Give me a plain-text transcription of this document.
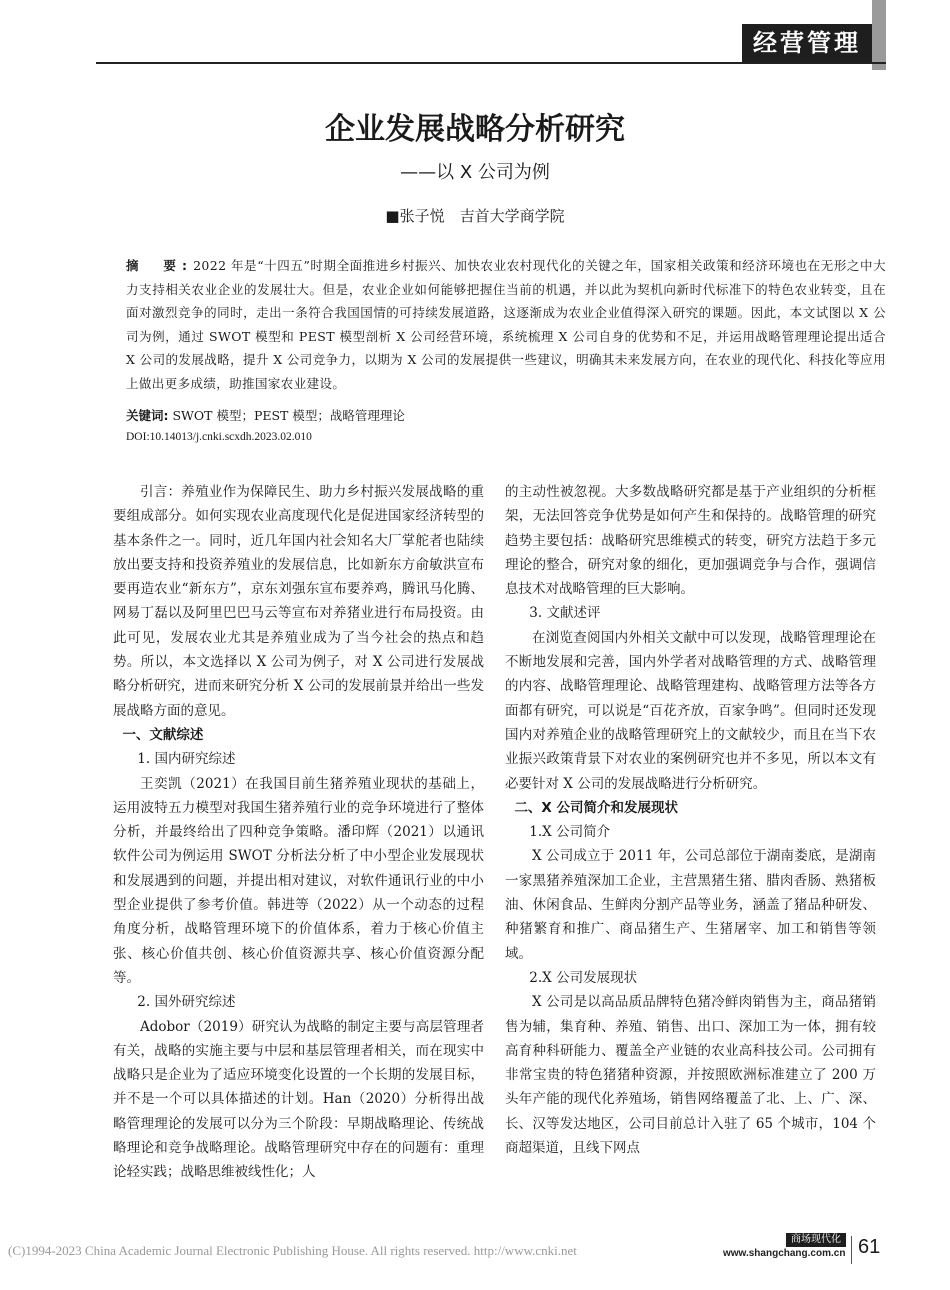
经营管理
企业发展战略分析研究
——以 X 公司为例
■张子悦　吉首大学商学院
摘　要:2022 年是“十四五”时期全面推进乡村振兴、加快农业农村现代化的关键之年，国家相关政策和经济环境也在无形之中大力支持相关农业企业的发展壮大。但是，农业企业如何能够把握住当前的机遇，并以此为契机向新时代标准下的特色农业转变，且在面对激烈竞争的同时，走出一条符合我国国情的可持续发展道路，这逐渐成为农业企业值得深入研究的课题。因此，本文试图以 X 公司为例，通过 SWOT 模型和 PEST 模型剖析 X 公司经营环境，系统梳理 X 公司自身的优势和不足，并运用战略管理理论提出适合 X 公司的发展战略，提升 X 公司竞争力，以期为 X 公司的发展提供一些建议，明确其未来发展方向，在农业的现代化、科技化等应用上做出更多成绩，助推国家农业建设。
关键词: SWOT 模型；PEST 模型；战略管理理论
DOI:10.14013/j.cnki.scxdh.2023.02.010

引言：养殖业作为保障民生、助力乡村振兴发展战略的重要组成部分。如何实现农业高度现代化是促进国家经济转型的基本条件之一。同时，近几年国内社会知名大厂掌舵者也陆续放出要支持和投资养殖业的发展信息，比如新东方俞敏洪宣布要再造农业“新东方”，京东刘强东宣布要养鸡，腾讯马化腾、网易丁磊以及阿里巴巴马云等宣布对养猪业进行布局投资。由此可见，发展农业尤其是养殖业成为了当今社会的热点和趋势。所以，本文选择以 X 公司为例子，对 X 公司进行发展战略分析研究，进而来研究分析 X 公司的发展前景并给出一些发展战略方面的意见。

一、文献综述

1. 国内研究综述

王奕凯（2021）在我国目前生猪养殖业现状的基础上，运用波特五力模型对我国生猪养殖行业的竞争环境进行了整体分析，并最终给出了四种竞争策略。潘印辉（2021）以通讯软件公司为例运用 SWOT 分析法分析了中小型企业发展现状和发展遇到的问题，并提出相对建议，对软件通讯行业的中小型企业提供了参考价值。韩进等（2022）从一个动态的过程角度分析，战略管理环境下的价值体系，着力于核心价值主张、核心价值共创、核心价值资源共享、核心价值资源分配等。

2. 国外研究综述

Adobor（2019）研究认为战略的制定主要与高层管理者有关，战略的实施主要与中层和基层管理者相关，而在现实中战略只是企业为了适应环境变化设置的一个长期的发展目标，并不是一个可以具体描述的计划。Han（2020）分析得出战略管理理论的发展可以分为三个阶段：早期战略理论、传统战略理论和竞争战略理论。战略管理研究中存在的问题有：重理论轻实践；战略思维被线性化；人

的主动性被忽视。大多数战略研究都是基于产业组织的分析框架，无法回答竞争优势是如何产生和保持的。战略管理的研究趋势主要包括：战略研究思维模式的转变，研究方法趋于多元理论的整合，研究对象的细化，更加强调竞争与合作，强调信息技术对战略管理的巨大影响。

3. 文献述评

在浏览查阅国内外相关文献中可以发现，战略管理理论在不断地发展和完善，国内外学者对战略管理的方式、战略管理的内容、战略管理理论、战略管理建构、战略管理方法等各方面都有研究，可以说是“百花齐放，百家争鸣”。但同时还发现国内对养殖企业的战略管理研究上的文献较少，而且在当下农业振兴政策背景下对农业的案例研究也并不多见，所以本文有必要针对 X 公司的发展战略进行分析研究。

二、X 公司简介和发展现状

1.X 公司简介

X 公司成立于 2011 年，公司总部位于湖南娄底，是湖南一家黑猪养殖深加工企业，主营黑猪生猪、腊肉香肠、熟猪板油、休闲食品、生鲜肉分割产品等业务，涵盖了猪品种研发、种猪繁育和推广、商品猪生产、生猪屠宰、加工和销售等领域。

2.X 公司发展现状

X 公司是以高品质品牌特色猪冷鲜肉销售为主，商品猪销售为辅，集育种、养殖、销售、出口、深加工为一体，拥有较高育种科研能力、覆盖全产业链的农业高科技公司。公司拥有非常宝贵的特色猪猪种资源，并按照欧洲标准建立了 200 万头年产能的现代化养殖场，销售网络覆盖了北、上、广、深、长、汉等发达地区，公司目前总计入驻了 65 个城市，104 个商超渠道，且线下网点

(C)1994-2023 China Academic Journal Electronic Publishing House. All rights reserved. http://www.cnki.net
商场现代化
www.shangchang.com.cn 61
